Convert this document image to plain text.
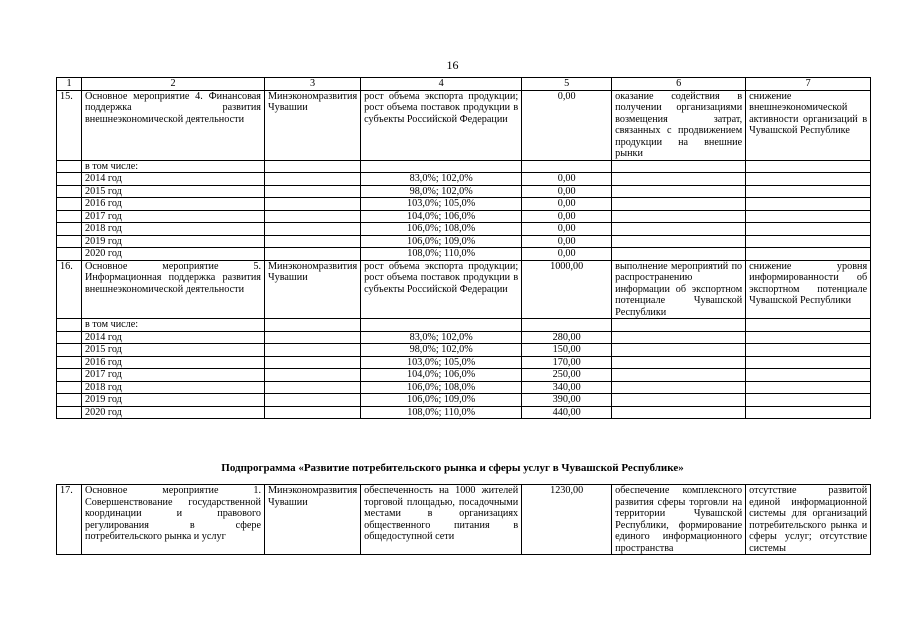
16
1	2	3	4	5	6	7
15.	Основное мероприятие 4. Финансовая поддержка развития внешнеэкономической деятельности	Минэкономразвития Чувашии	рост объема экспорта продукции; рост объема поставок продукции в субъекты Российской Федерации	0,00	оказание содействия в получении организациями возмещения затрат, связанных с продвижением продукции на внешние рынки	снижение внешнеэкономической активности организаций в Чувашской Республике
	в том числе:					
	2014 год		83,0%; 102,0%	0,00		
	2015 год		98,0%; 102,0%	0,00		
	2016 год		103,0%; 105,0%	0,00		
	2017 год		104,0%; 106,0%	0,00		
	2018 год		106,0%; 108,0%	0,00		
	2019 год		106,0%; 109,0%	0,00		
	2020 год		108,0%; 110,0%	0,00		
16.	Основное мероприятие 5. Информационная поддержка развития внешнеэкономической деятельности	Минэкономразвития Чувашии	рост объема экспорта продукции; рост объема поставок продукции в субъекты Российской Федерации	1000,00	выполнение мероприятий по распространению информации об экспортном потенциале Чувашской Республики	снижение уровня информированности об экспортном потенциале Чувашской Республики
	в том числе:					
	2014 год		83,0%; 102,0%	280,00		
	2015 год		98,0%; 102,0%	150,00		
	2016 год		103,0%; 105,0%	170,00		
	2017 год		104,0%; 106,0%	250,00		
	2018 год		106,0%; 108,0%	340,00		
	2019 год		106,0%; 109,0%	390,00		
	2020 год		108,0%; 110,0%	440,00		
Подпрограмма «Развитие потребительского рынка и сферы услуг в Чувашской Республике»
17.	Основное мероприятие 1. Совершенствование государственной координации и правового регулирования в сфере потребительского рынка и услуг	Минэкономразвития Чувашии	обеспеченность на 1000 жителей торговой площадью, посадочными местами в организациях общественного питания в общедоступной сети	1230,00	обеспечение комплексного развития сферы торговли на территории Чувашской Республики, формирование единого информационного пространства	отсутствие развитой единой информационной системы для организаций потребительского рынка и сферы услуг; отсутствие системы
